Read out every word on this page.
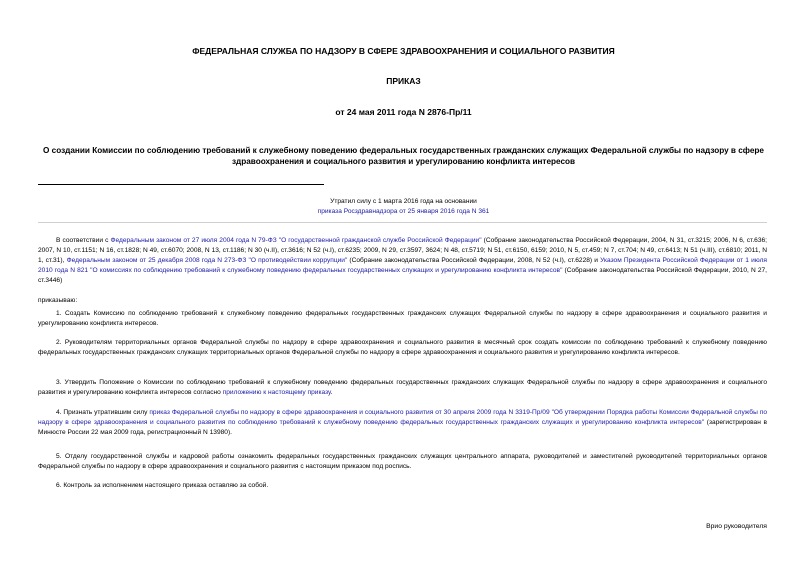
ФЕДЕРАЛЬНАЯ СЛУЖБА ПО НАДЗОРУ В СФЕРЕ ЗДРАВООХРАНЕНИЯ И СОЦИАЛЬНОГО РАЗВИТИЯ
ПРИКАЗ
от 24 мая 2011 года N 2876-Пр/11
О создании Комиссии по соблюдению требований к служебному поведению федеральных государственных гражданских служащих Федеральной службы по надзору в сфере здравоохранения и социального развития и урегулированию конфликта интересов
Утратил силу с 1 марта 2016 года на основании
приказа Росздравнадзора от 25 января 2016 года N 361
В соответствии с Федеральным законом от 27 июля 2004 года N 79-ФЗ "О государственной гражданской службе Российской Федерации" (Собрание законодательства Российской Федерации, 2004, N 31, ст.3215; 2006, N 6, ст.636; 2007, N 10, ст.1151; N 16, ст.1828; N 49, ст.6070; 2008, N 13, ст.1186; N 30 (ч.II), ст.3616; N 52 (ч.I), ст.6235; 2009, N 29, ст.3597, 3624; N 48, ст.5719; N 51, ст.6150, 6159; 2010, N 5, ст.459; N 7, ст.704; N 49, ст.6413; N 51 (ч.III), ст.6810; 2011, N 1, ст.31), Федеральным законом от 25 декабря 2008 года N 273-ФЗ "О противодействии коррупции" (Собрание законодательства Российской Федерации, 2008, N 52 (ч.I), ст.6228) и Указом Президента Российской Федерации от 1 июля 2010 года N 821 "О комиссиях по соблюдению требований к служебному поведению федеральных государственных служащих и урегулированию конфликта интересов" (Собрание законодательства Российской Федерации, 2010, N 27, ст.3446)
приказываю:
1. Создать Комиссию по соблюдению требований к служебному поведению федеральных государственных гражданских служащих Федеральной службы по надзору в сфере здравоохранения и социального развития и урегулированию конфликта интересов.
2. Руководителям территориальных органов Федеральной службы по надзору в сфере здравоохранения и социального развития в месячный срок создать комиссии по соблюдению требований к служебному поведению федеральных государственных гражданских служащих территориальных органов Федеральной службы по надзору в сфере здравоохранения и социального развития и урегулированию конфликта интересов.
3. Утвердить Положение о Комиссии по соблюдению требований к служебному поведению федеральных государственных гражданских служащих Федеральной службы по надзору в сфере здравоохранения и социального развития и урегулированию конфликта интересов согласно приложению к настоящему приказу.
4. Признать утратившим силу приказ Федеральной службы по надзору в сфере здравоохранения и социального развития от 30 апреля 2009 года N 3319-Пр/09 "Об утверждении Порядка работы Комиссии Федеральной службы по надзору в сфере здравоохранения и социального развития по соблюдению требований к служебному поведению федеральных государственных гражданских служащих и урегулированию конфликта интересов" (зарегистрирован в Минюсте России 22 мая 2009 года, регистрационный N 13980).
5. Отделу государственной службы и кадровой работы ознакомить федеральных государственных гражданских служащих центрального аппарата, руководителей и заместителей руководителей территориальных органов Федеральной службы по надзору в сфере здравоохранения и социального развития с настоящим приказом под роспись.
6. Контроль за исполнением настоящего приказа оставляю за собой.
Врио руководителя
